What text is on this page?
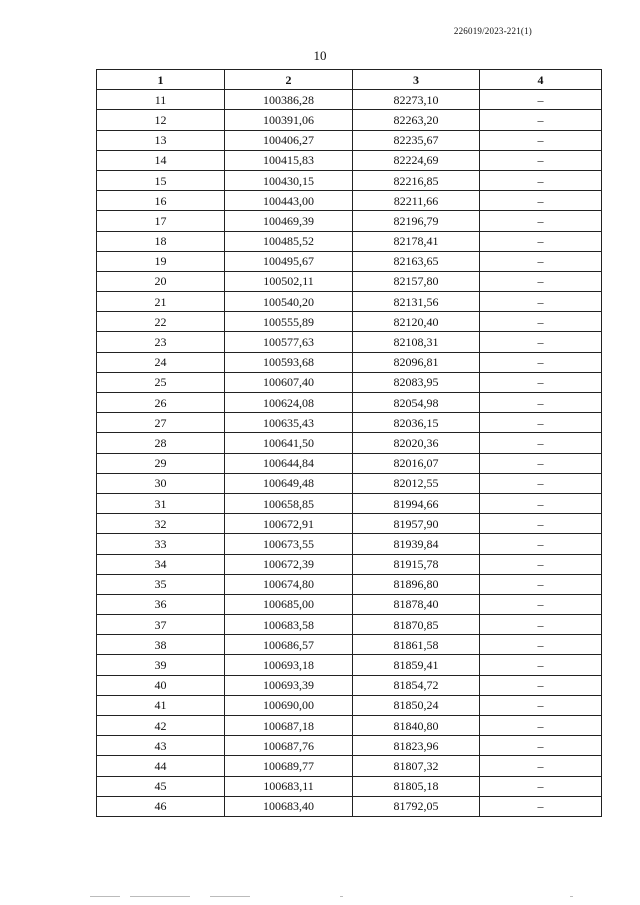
226019/2023-221(1)
10
1	2	3	4
11	100386,28	82273,10	–
12	100391,06	82263,20	–
13	100406,27	82235,67	–
14	100415,83	82224,69	–
15	100430,15	82216,85	–
16	100443,00	82211,66	–
17	100469,39	82196,79	–
18	100485,52	82178,41	–
19	100495,67	82163,65	–
20	100502,11	82157,80	–
21	100540,20	82131,56	–
22	100555,89	82120,40	–
23	100577,63	82108,31	–
24	100593,68	82096,81	–
25	100607,40	82083,95	–
26	100624,08	82054,98	–
27	100635,43	82036,15	–
28	100641,50	82020,36	–
29	100644,84	82016,07	–
30	100649,48	82012,55	–
31	100658,85	81994,66	–
32	100672,91	81957,90	–
33	100673,55	81939,84	–
34	100672,39	81915,78	–
35	100674,80	81896,80	–
36	100685,00	81878,40	–
37	100683,58	81870,85	–
38	100686,57	81861,58	–
39	100693,18	81859,41	–
40	100693,39	81854,72	–
41	100690,00	81850,24	–
42	100687,18	81840,80	–
43	100687,76	81823,96	–
44	100689,77	81807,32	–
45	100683,11	81805,18	–
46	100683,40	81792,05	–
